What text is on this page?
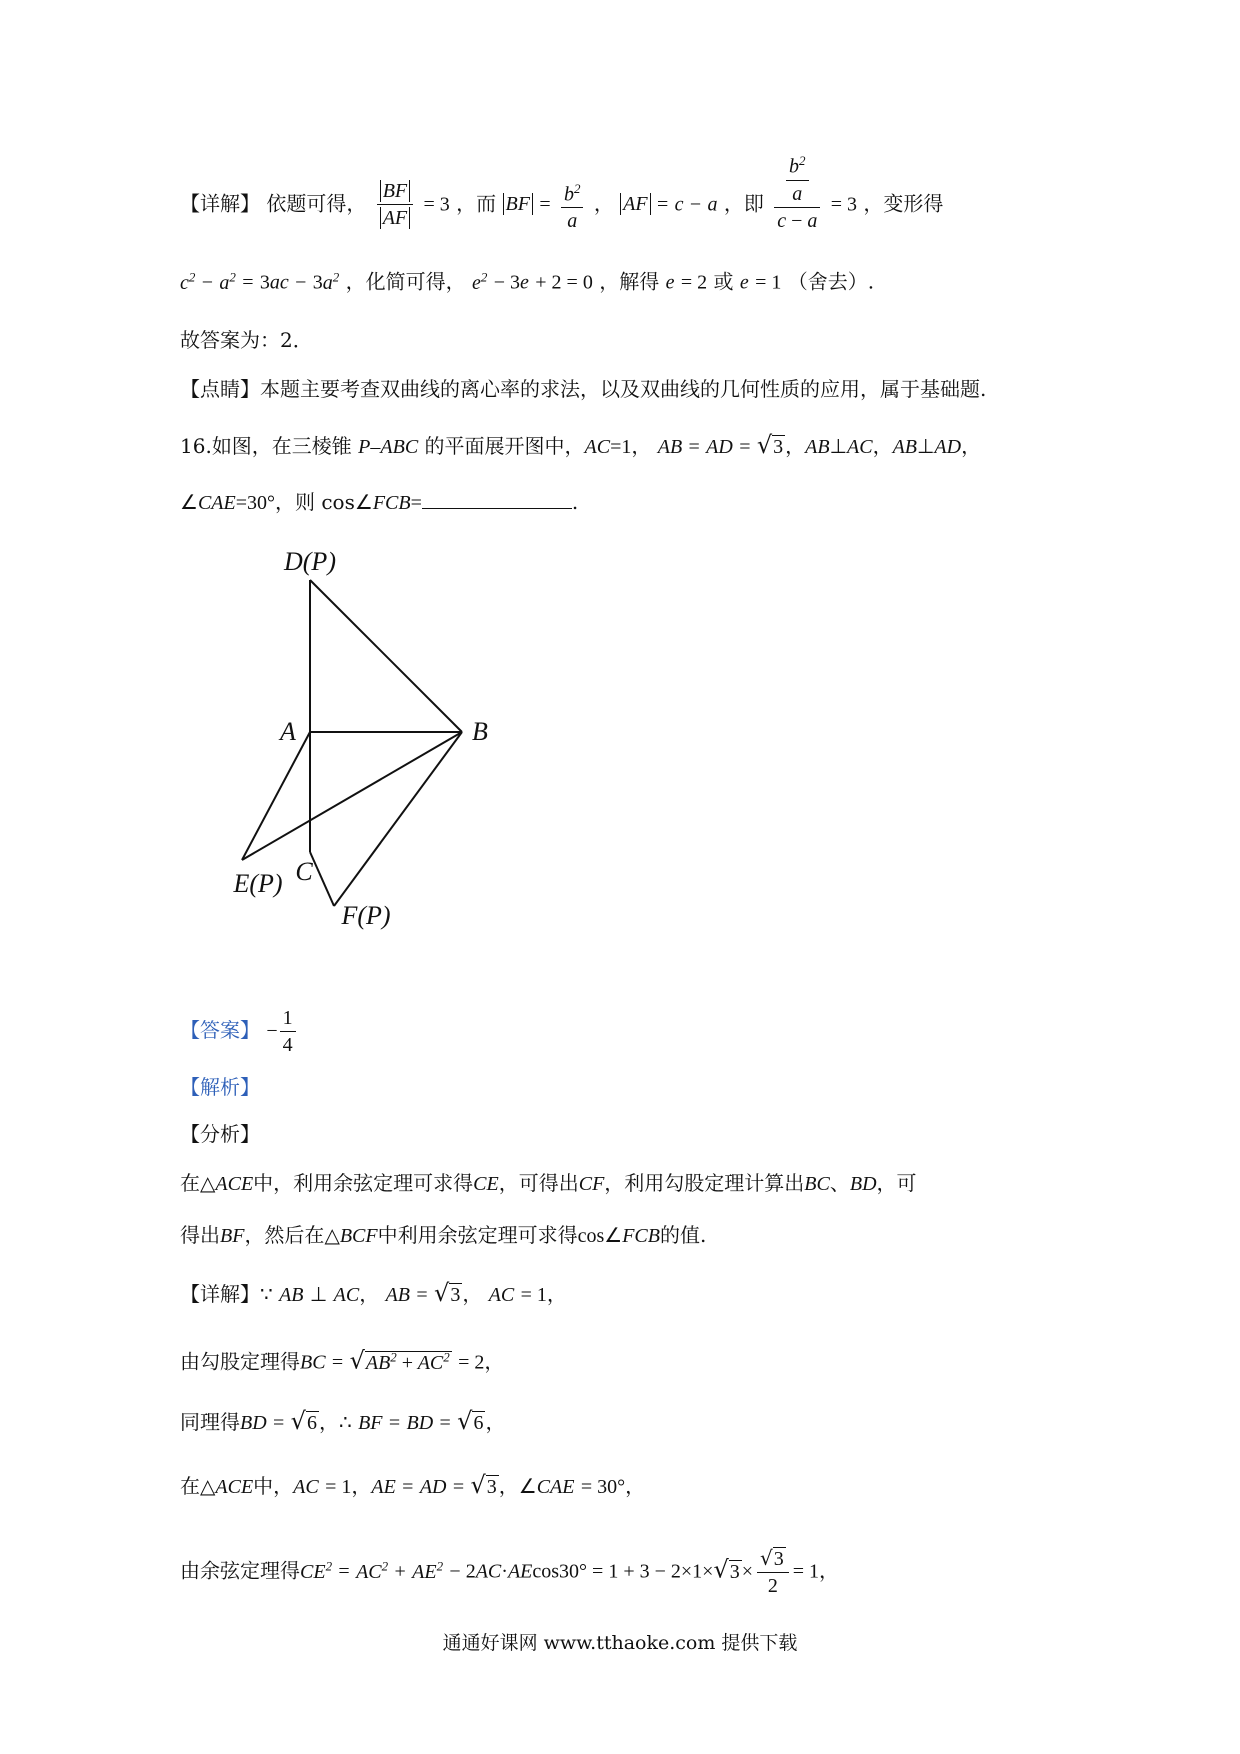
【详解】 依题可得， $\frac{BF}{AF} = 3$ ，而 BF = $\frac{b^2}{a}$ ， AF = c − a ，即 $\frac{\frac{b^2}{a}}{c - a} = 3$ ，变形得
$c^2 - a^2 = 3ac - 3a^2$ ，化简可得， $e^2 - 3e + 2 = 0$ ，解得 e = 2 或 e = 1 （舍去）.
故答案为：2．
【点睛】本题主要考查双曲线的离心率的求法，以及双曲线的几何性质的应用，属于基础题.
16.如图，在三棱锥 P–ABC 的平面展开图中，AC=1， AB = AD = √3 ，AB⊥AC，AB⊥AD，
∠CAE=30°，则 cos∠FCB=	.
D(P)
A	B
C
E(P)
F(P)
【答案】 − $\frac{1}{4}$
【解析】
【分析】
在△ACE中，利用余弦定理可求得CE，可得出CF，利用勾股定理计算出BC、BD，可
得出BF，然后在△BCF中利用余弦定理可求得cos∠FCB的值.
【详解】∵ AB ⊥ AC， AB = √3 ， AC = 1，
由勾股定理得BC = $√AB^2 + AC^2 = 2$，
同理得BD = √6 ，∴ BF = BD = √6 ，
在△ACE中，AC = 1，AE = AD = √3 ，∠CAE = 30°，
由余弦定理得$CE^2 = AC^2 + AE^2 - 2AC\cdot AEcos30^\circ = 1 + 3 - 2\times 1\times√3 \times \frac{√3}{2} = 1$，
通通好课网 www.tthaoke.com 提供下载
